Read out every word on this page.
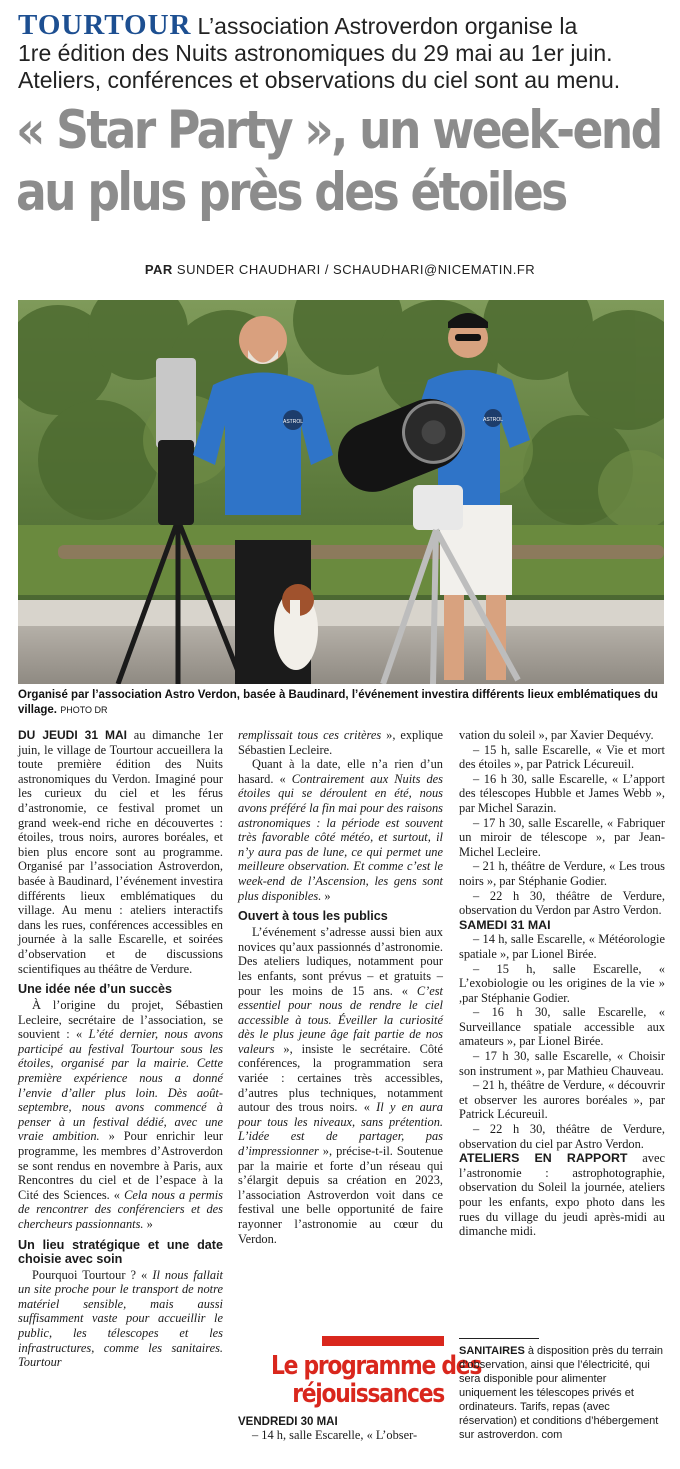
TOURTOUR L’association Astroverdon organise la
1re édition des Nuits astronomiques du 29 mai au 1er juin.
Ateliers, conférences et observations du ciel sont au menu.
« Star Party », un week-end
au plus près des étoiles
PAR SUNDER CHAUDHARI / SCHAUDHARI@NICEMATIN.FR
ASTROL	ASTROL
Organisé par l’association Astro Verdon, basée à Baudinard, l’événement investira différents lieux emblématiques du village. PHOTO DR

DU JEUDI 31 MAI au dimanche 1er juin, le village de Tourtour accueillera la toute première édition des Nuits astronomiques du Verdon. Imaginé pour les curieux du ciel et les férus d’astronomie, ce festival promet un grand week-end riche en découvertes : étoiles, trous noirs, aurores boréales, et bien plus encore sont au programme. Organisé par l’association Astroverdon, basée à Baudinard, l’événement investira différents lieux emblématiques du village. Au menu : ateliers interactifs dans les rues, conférences accessibles en journée à la salle Escarelle, et soirées d’observation et de discussions scientifiques au théâtre de Verdure.

Une idée née d’un succès

À l’origine du projet, Sébastien Lecleire, secrétaire de l’association, se souvient : « L’été dernier, nous avons participé au festival Tourtour sous les étoiles, organisé par la mairie. Cette première expérience nous a donné l’envie d’aller plus loin. Dès août-septembre, nous avons commencé à penser à un festival dédié, avec une vraie ambition. » Pour enrichir leur programme, les membres d’Astroverdon se sont rendus en novembre à Paris, aux Rencontres du ciel et de l’espace à la Cité des Sciences. « Cela nous a permis de rencontrer des conférenciers et des chercheurs passionnants. »

Un lieu stratégique et une date choisie avec soin

Pourquoi Tourtour ? « Il nous fallait un site proche pour le transport de notre matériel sensible, mais aussi suffisamment vaste pour accueillir le public, les télescopes et les infrastructures, comme les sanitaires. Tourtour

remplissait tous ces critères », explique Sébastien Lecleire.

Quant à la date, elle n’a rien d’un hasard. « Contrairement aux Nuits des étoiles qui se déroulent en été, nous avons préféré la fin mai pour des raisons astronomiques : la période est souvent très favorable côté météo, et surtout, il n’y aura pas de lune, ce qui permet une meilleure observation. Et comme c’est le week-end de l’Ascension, les gens sont plus disponibles. »

Ouvert à tous les publics

L’événement s’adresse aussi bien aux novices qu’aux passionnés d’astronomie. Des ateliers ludiques, notamment pour les enfants, sont prévus – et gratuits – pour les moins de 15 ans. « C’est essentiel pour nous de rendre le ciel accessible à tous. Éveiller la curiosité dès le plus jeune âge fait partie de nos valeurs », insiste le secrétaire. Côté conférences, la programmation sera variée : certaines très accessibles, d’autres plus techniques, notamment autour des trous noirs. « Il y en aura pour tous les niveaux, sans prétention. L’idée est de partager, pas d’impressionner », précise-t-il. Soutenue par la mairie et forte d’un réseau qui s’élargit depuis sa création en 2023, l’association Astroverdon voit dans ce festival une belle opportunité de faire rayonner l’astronomie au cœur du Verdon.

Le programme des
réjouissances
VENDREDI 30 MAI
– 14 h, salle Escarelle, « L’obser-

vation du soleil », par Xavier Dequévy.

– 15 h, salle Escarelle, « Vie et mort des étoiles », par Patrick Lécureuil.

– 16 h 30, salle Escarelle, « L’apport des télescopes Hubble et James Webb », par Michel Sarazin.

– 17 h 30, salle Escarelle, « Fabriquer un miroir de télescope », par Jean-Michel Lecleire.

– 21 h, théâtre de Verdure, « Les trous noirs », par Stéphanie Godier.

– 22 h 30, théâtre de Verdure, observation du Verdon par Astro Verdon.

SAMEDI 31 MAI

– 14 h, salle Escarelle, « Météorologie spatiale », par Lionel Birée.

– 15 h, salle Escarelle, « L’exobiologie ou les origines de la vie » ,par Stéphanie Godier.

– 16 h 30, salle Escarelle, « Surveillance spatiale accessible aux amateurs », par Lionel Birée.

– 17 h 30, salle Escarelle, « Choisir son instrument », par Mathieu Chauveau.

– 21 h, théâtre de Verdure, « découvrir et observer les aurores boréales », par Patrick Lécureuil.

– 22 h 30, théâtre de Verdure, observation du ciel par Astro Verdon.

ATELIERS EN RAPPORT avec l’astronomie : astrophotographie, observation du Soleil la journée, ateliers pour les enfants, expo photo dans les rues du village du jeudi après-midi au dimanche midi.

SANITAIRES à disposition près du terrain d’observation, ainsi que l’électricité, qui sera disponible pour alimenter uniquement les télescopes privés et ordinateurs. Tarifs, repas (avec réservation) et conditions d’hébergement sur astroverdon. com
